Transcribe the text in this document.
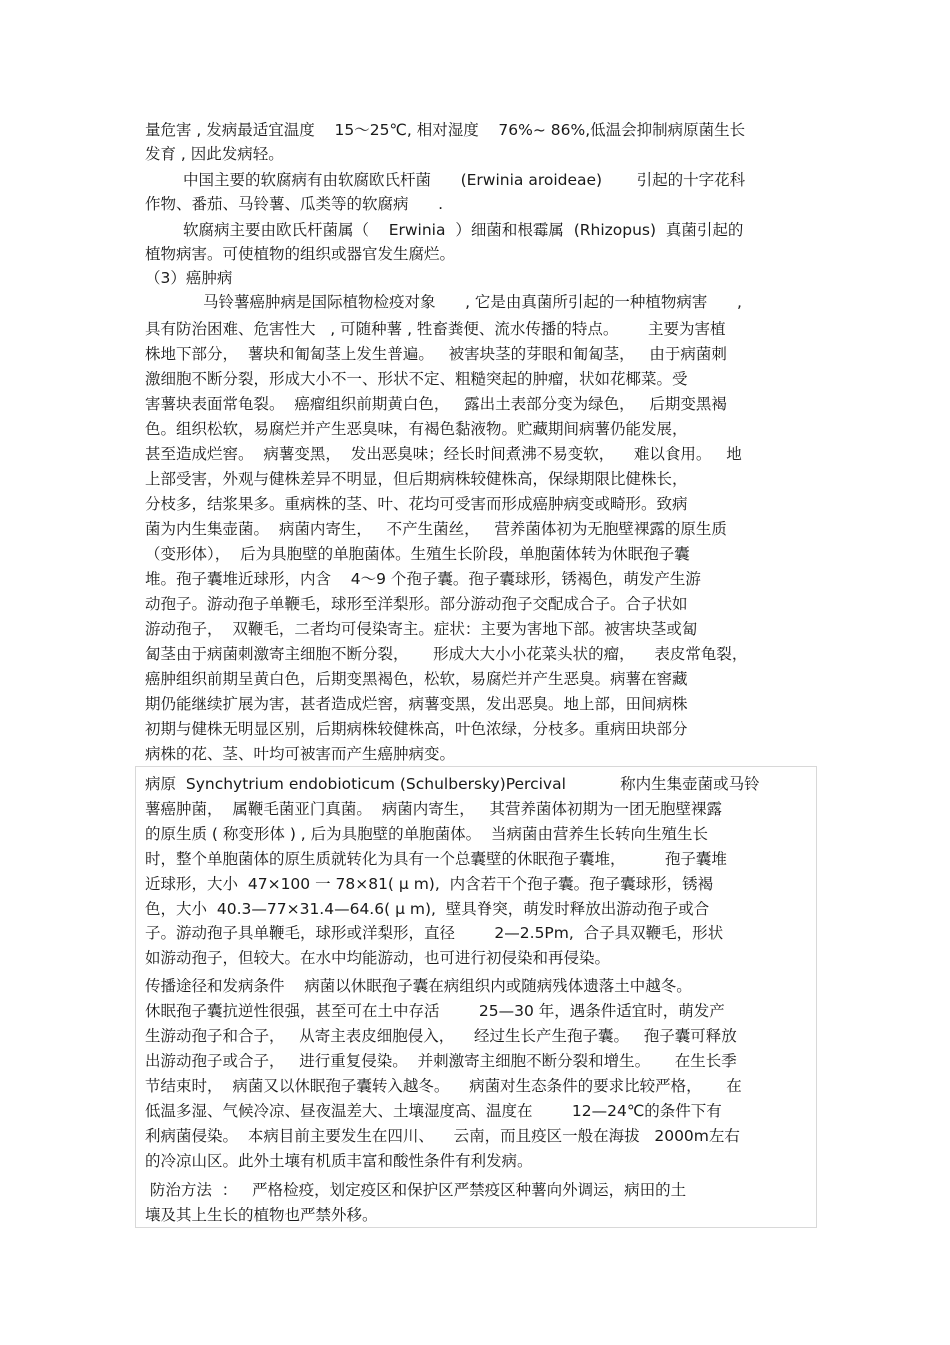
量危害 , 发病最适宜温度    15～25℃, 相对湿度    76%~ 86%,低温会抑制病原菌生长
发育 , 因此发病轻。
中国主要的软腐病有由软腐欧氏杆菌      (Erwinia aroideae)       引起的十字花科
作物、番茄、马铃薯、瓜类等的软腐病      .
软腐病主要由欧氏杆菌属（    Erwinia  ）细菌和根霉属  (Rhizopus)  真菌引起的
植物病害。可使植物的组织或器官发生腐烂。
（3）癌肿病
马铃薯癌肿病是国际植物检疫对象      , 它是由真菌所引起的一种植物病害      ,
具有防治困难、危害性大   , 可随种薯 , 牲畜粪便、流水传播的特点。      主要为害植
株地下部分，  薯块和匍匐茎上发生普遍。   被害块茎的芽眼和匍匐茎，   由于病菌刺
激细胞不断分裂，形成大小不一、形状不定、粗糙突起的肿瘤，状如花椰菜。受
害薯块表面常龟裂。  癌瘤组织前期黄白色，   露出土表部分变为绿色，   后期变黑褐
色。组织松软，易腐烂并产生恶臭味，有褐色黏液物。贮藏期间病薯仍能发展，
甚至造成烂窖。  病薯变黑，  发出恶臭味；经长时间煮沸不易变软，    难以食用。   地
上部受害，外观与健株差异不明显，但后期病株较健株高，保绿期限比健株长，
分枝多，结浆果多。重病株的茎、叶、花均可受害而形成癌肿病变或畸形。致病
菌为内生集壶菌。  病菌内寄生，   不产生菌丝，   营养菌体初为无胞壁裸露的原生质
（变形体），  后为具胞壁的单胞菌体。生殖生长阶段，单胞菌体转为休眠孢子囊
堆。孢子囊堆近球形，内含    4～9 个孢子囊。孢子囊球形，锈褐色，萌发产生游
动孢子。游动孢子单鞭毛，球形至洋梨形。部分游动孢子交配成合子。合子状如
游动孢子，  双鞭毛，二者均可侵染寄主。症状：主要为害地下部。被害块茎或匐
匐茎由于病菌刺激寄主细胞不断分裂，     形成大大小小花菜头状的瘤，    表皮常龟裂，
癌肿组织前期呈黄白色，后期变黑褐色，松软，易腐烂并产生恶臭。病薯在窖藏
期仍能继续扩展为害，甚者造成烂窖，病薯变黑，发出恶臭。地上部，田间病株
初期与健株无明显区别，后期病株较健株高，叶色浓绿，分枝多。重病田块部分
病株的花、茎、叶均可被害而产生癌肿病变。
病原  Synchytrium endobioticum (Schulbersky)Percival           称内生集壶菌或马铃
薯癌肿菌，  属鞭毛菌亚门真菌。  病菌内寄生，   其营养菌体初期为一团无胞壁裸露
的原生质 ( 称变形体 ) , 后为具胞壁的单胞菌体。  当病菌由营养生长转向生殖生长
时，整个单胞菌体的原生质就转化为具有一个总囊壁的休眠孢子囊堆，        孢子囊堆
近球形，大小  47×100 一 78×81( μ m),  内含若干个孢子囊。孢子囊球形，锈褐
色，大小  40.3—77×31.4—64.6( μ m),  壁具脊突，萌发时释放出游动孢子或合
子。游动孢子具单鞭毛，球形或洋梨形，直径        2—2.5Pm,  合子具双鞭毛，形状
如游动孢子，但较大。在水中均能游动，也可进行初侵染和再侵染。
传播途径和发病条件    病菌以休眠孢子囊在病组织内或随病残体遗落土中越冬。
休眠孢子囊抗逆性很强，甚至可在土中存活        25—30 年，遇条件适宜时，萌发产
生游动孢子和合子，   从寄主表皮细胞侵入，    经过生长产生孢子囊。   孢子囊可释放
出游动孢子或合子，   进行重复侵染。  并刺激寄主细胞不断分裂和增生。     在生长季
节结束时，  病菌又以休眠孢子囊转入越冬。    病菌对生态条件的要求比较严格，     在
低温多湿、气候冷凉、昼夜温差大、土壤湿度高、温度在        12—24℃的条件下有
利病菌侵染。  本病目前主要发生在四川、    云南，而且疫区一般在海拔   2000m左右
的冷凉山区。此外土壤有机质丰富和酸性条件有利发病。
防治方法  ：   严格检疫，划定疫区和保护区严禁疫区种薯向外调运，病田的土
壤及其上生长的植物也严禁外移。
